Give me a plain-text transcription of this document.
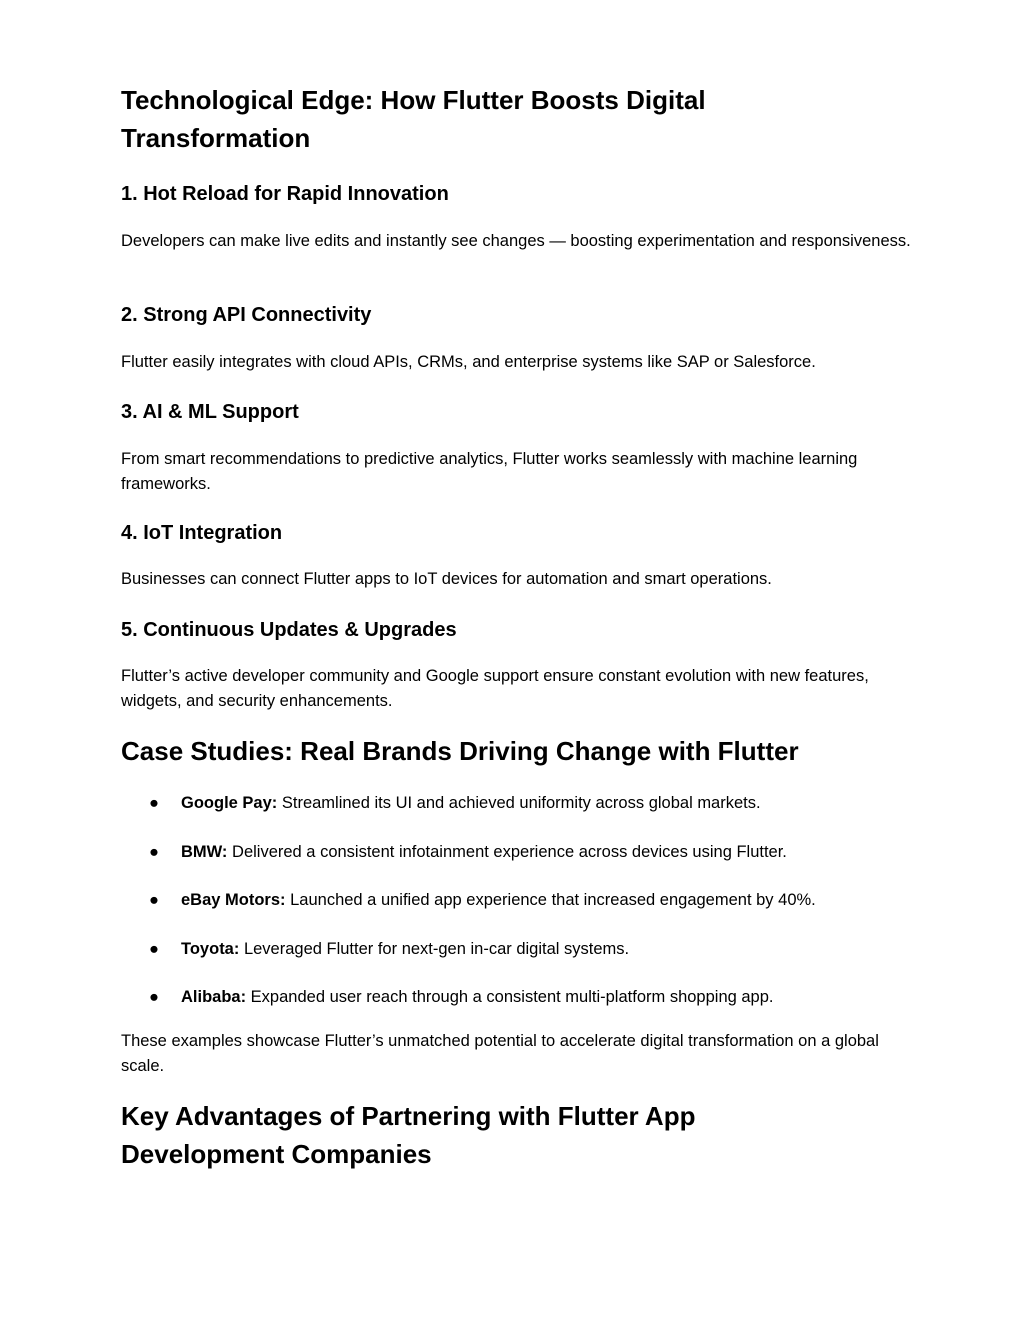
Technological Edge: How Flutter Boosts Digital Transformation
1. Hot Reload for Rapid Innovation

Developers can make live edits and instantly see changes — boosting experimentation and responsiveness.

2. Strong API Connectivity

Flutter easily integrates with cloud APIs, CRMs, and enterprise systems like SAP or Salesforce.

3. AI & ML Support

From smart recommendations to predictive analytics, Flutter works seamlessly with machine learning frameworks.

4. IoT Integration

Businesses can connect Flutter apps to IoT devices for automation and smart operations.

5. Continuous Updates & Upgrades

Flutter’s active developer community and Google support ensure constant evolution with new features, widgets, and security enhancements.

Case Studies: Real Brands Driving Change with Flutter
● Google Pay: Streamlined its UI and achieved uniformity across global markets.
● BMW: Delivered a consistent infotainment experience across devices using Flutter.
● eBay Motors: Launched a unified app experience that increased engagement by 40%.
● Toyota: Leveraged Flutter for next-gen in-car digital systems.
● Alibaba: Expanded user reach through a consistent multi-platform shopping app.

These examples showcase Flutter’s unmatched potential to accelerate digital transformation on a global scale.

Key Advantages of Partnering with Flutter App Development Companies
